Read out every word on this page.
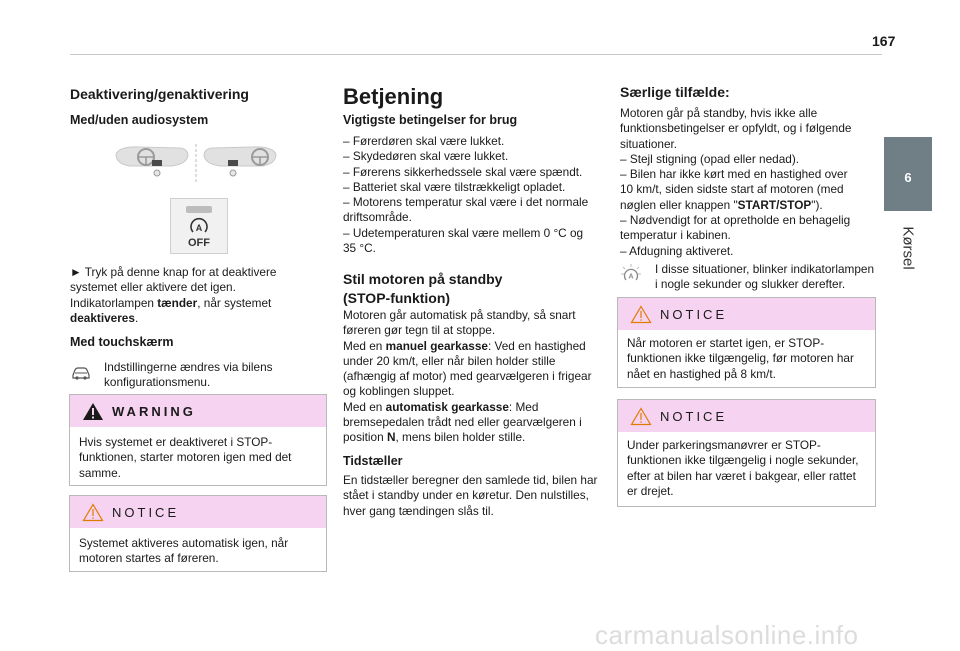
167
6
Kørsel
Deaktivering/genaktivering
Med/uden audiosystem
A
OFF
► Tryk på denne knap for at deaktivere
systemet eller aktivere det igen.
Indikatorlampen tænder, når systemet
deaktiveres.
Med touchskærm
Indstillingerne ændres via bilens
konfigurationsmenu.
WARNING
Hvis systemet er deaktiveret i STOP-
funktionen, starter motoren igen med det
samme.
NOTICE
Systemet aktiveres automatisk igen, når
motoren startes af føreren.
Betjening
Vigtigste betingelser for brug
– Førerdøren skal være lukket.
– Skydedøren skal være lukket.
– Førerens sikkerhedssele skal være spændt.
– Batteriet skal være tilstrækkeligt opladet.
– Motorens temperatur skal være i det normale
driftsområde.
– Udetemperaturen skal være mellem 0 °C og
35 °C.
Stil motoren på standby
(STOP-funktion)
Motoren går automatisk på standby, så snart
føreren gør tegn til at stoppe.
Med en manuel gearkasse: Ved en hastighed
under 20 km/t, eller når bilen holder stille
(afhængig af motor) med gearvælgeren i frigear
og koblingen sluppet.
Med en automatisk gearkasse: Med
bremsepedalen trådt ned eller gearvælgeren i
position N, mens bilen holder stille.
Tidstæller
En tidstæller beregner den samlede tid, bilen har
stået i standby under en køretur. Den nulstilles,
hver gang tændingen slås til.
Særlige tilfælde:
Motoren går på standby, hvis ikke alle
funktionsbetingelser er opfyldt, og i følgende
situationer.
– Stejl stigning (opad eller nedad).
– Bilen har ikke kørt med en hastighed over
10 km/t, siden sidste start af motoren (med
nøglen eller knappen "START/STOP").
– Nødvendigt for at opretholde en behagelig
temperatur i kabinen.
– Afdugning aktiveret.
A
I disse situationer, blinker indikatorlampen
i nogle sekunder og slukker derefter.
NOTICE
Når motoren er startet igen, er STOP-
funktionen ikke tilgængelig, før motoren har
nået en hastighed på 8 km/t.
NOTICE
Under parkeringsmanøvrer er STOP-
funktionen ikke tilgængelig i nogle sekunder,
efter at bilen har været i bakgear, eller rattet
er drejet.
carmanualsonline.info
